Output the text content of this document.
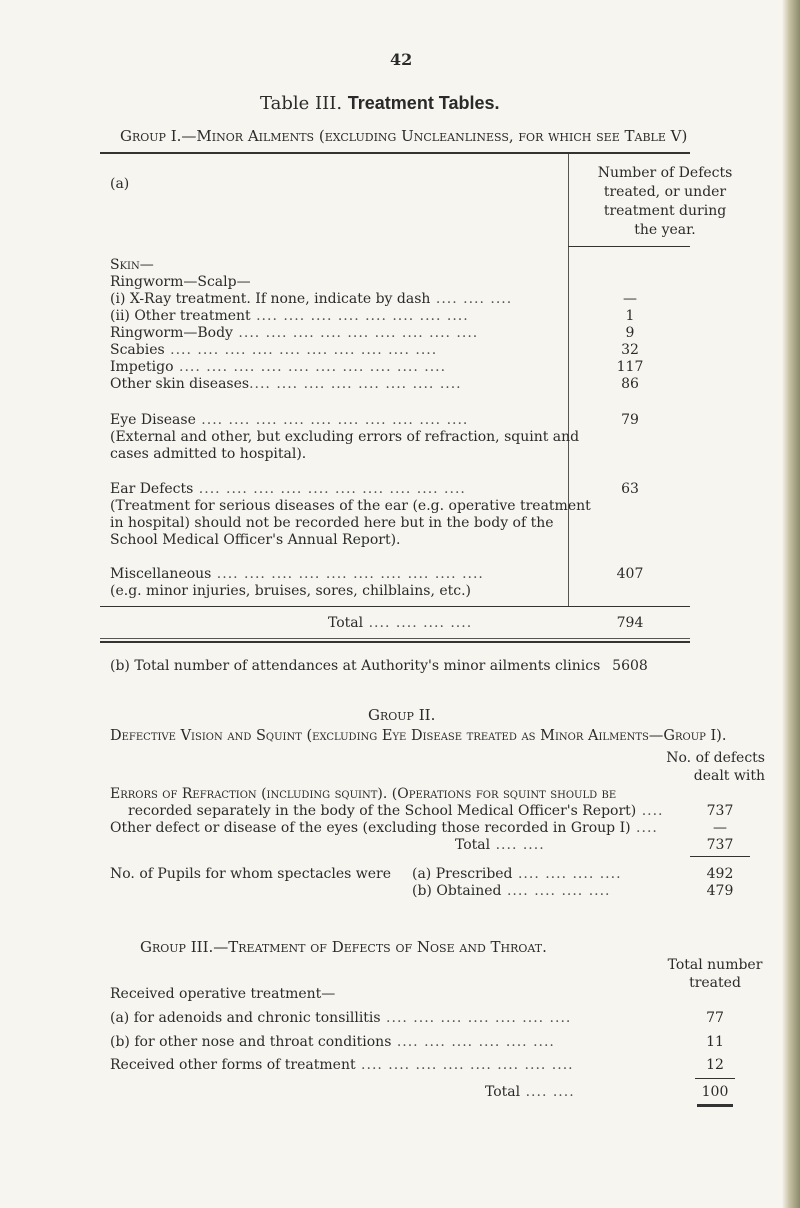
42
Table III. Treatment Tables.
Group I.—Minor Ailments (excluding Uncleanliness, for which see Table V)
(a)
Number of Defects
treated, or under
treatment during
the year.
Skin—
Ringworm—Scalp—
(i) X-Ray treatment. If none, indicate by dash .... .... ....	—
(ii) Other treatment .... .... .... .... .... .... .... ....	1
Ringworm—Body .... .... .... .... .... .... .... .... ....	9
Scabies .... .... .... .... .... .... .... .... .... ....	32
Impetigo .... .... .... .... .... .... .... .... .... ....	117
Other skin diseases.... .... .... .... .... .... .... ....	86
Eye Disease .... .... .... .... .... .... .... .... .... ....	79
(External and other, but excluding errors of refraction, squint and
cases admitted to hospital).
Ear Defects .... .... .... .... .... .... .... .... .... ....	63
(Treatment for serious diseases of the ear (e.g. operative treatment
in hospital) should not be recorded here but in the body of the
School Medical Officer's Annual Report).
Miscellaneous .... .... .... .... .... .... .... .... .... ....	407
(e.g. minor injuries, bruises, sores, chilblains, etc.)
Total .... .... .... ....	794
(b) Total number of attendances at Authority's minor ailments clinics 5608
Group II.
Defective Vision and Squint (excluding Eye Disease treated as Minor Ailments—Group I).
No. of defects
dealt with
Errors of Refraction (including squint). (Operations for squint should be
recorded separately in the body of the School Medical Officer's Report) ....	737
Other defect or disease of the eyes (excluding those recorded in Group I) ....	—
Total .... ....	737
No. of Pupils for whom spectacles were (a) Prescribed .... .... .... ....	492
(b) Obtained .... .... .... ....	479
Group III.—Treatment of Defects of Nose and Throat.
Total number
treated
Received operative treatment—
(a) for adenoids and chronic tonsillitis .... .... .... .... .... .... ....	77
(b) for other nose and throat conditions .... .... .... .... .... ....	11
Received other forms of treatment .... .... .... .... .... .... .... ....	12
Total .... ....	100
